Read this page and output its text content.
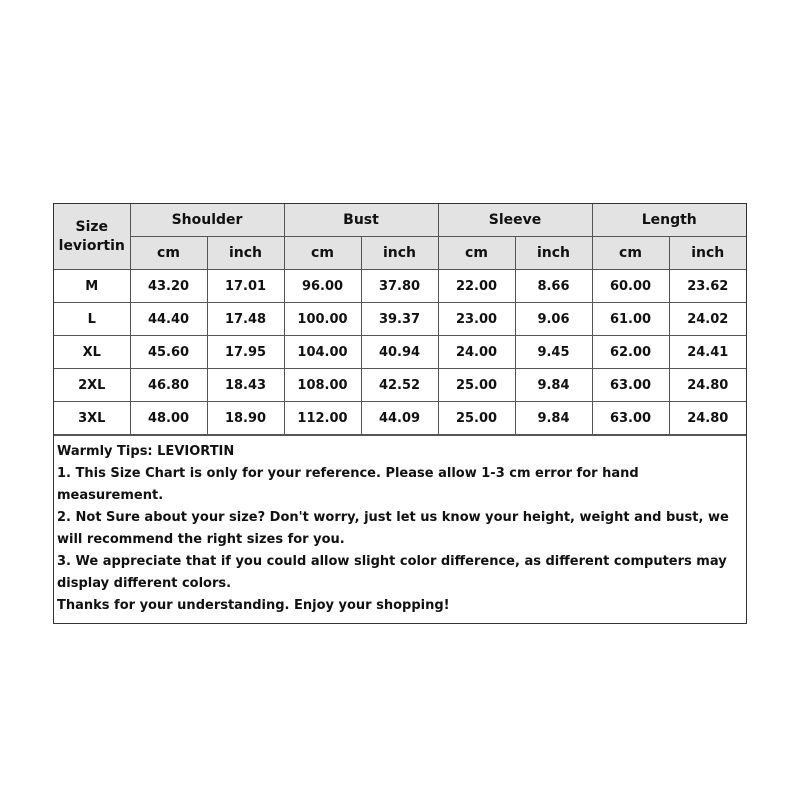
Size
leviortin	Shoulder		Bust		Sleeve		Length	
	cm	inch	cm	inch	cm	inch	cm	inch
M	43.20	17.01	96.00	37.80	22.00	8.66	60.00	23.62
L	44.40	17.48	100.00	39.37	23.00	9.06	61.00	24.02
XL	45.60	17.95	104.00	40.94	24.00	9.45	62.00	24.41
2XL	46.80	18.43	108.00	42.52	25.00	9.84	63.00	24.80
3XL	48.00	18.90	112.00	44.09	25.00	9.84	63.00	24.80

Warmly Tips: LEVIORTIN

1. This Size Chart is only for your reference. Please allow 1-3 cm error for hand measurement.

2. Not Sure about your size? Don't worry, just let us know your height, weight and bust, we will recommend the right sizes for you.

3. We appreciate that if you could allow slight color difference, as different computers may display different colors.

Thanks for your understanding. Enjoy your shopping!
